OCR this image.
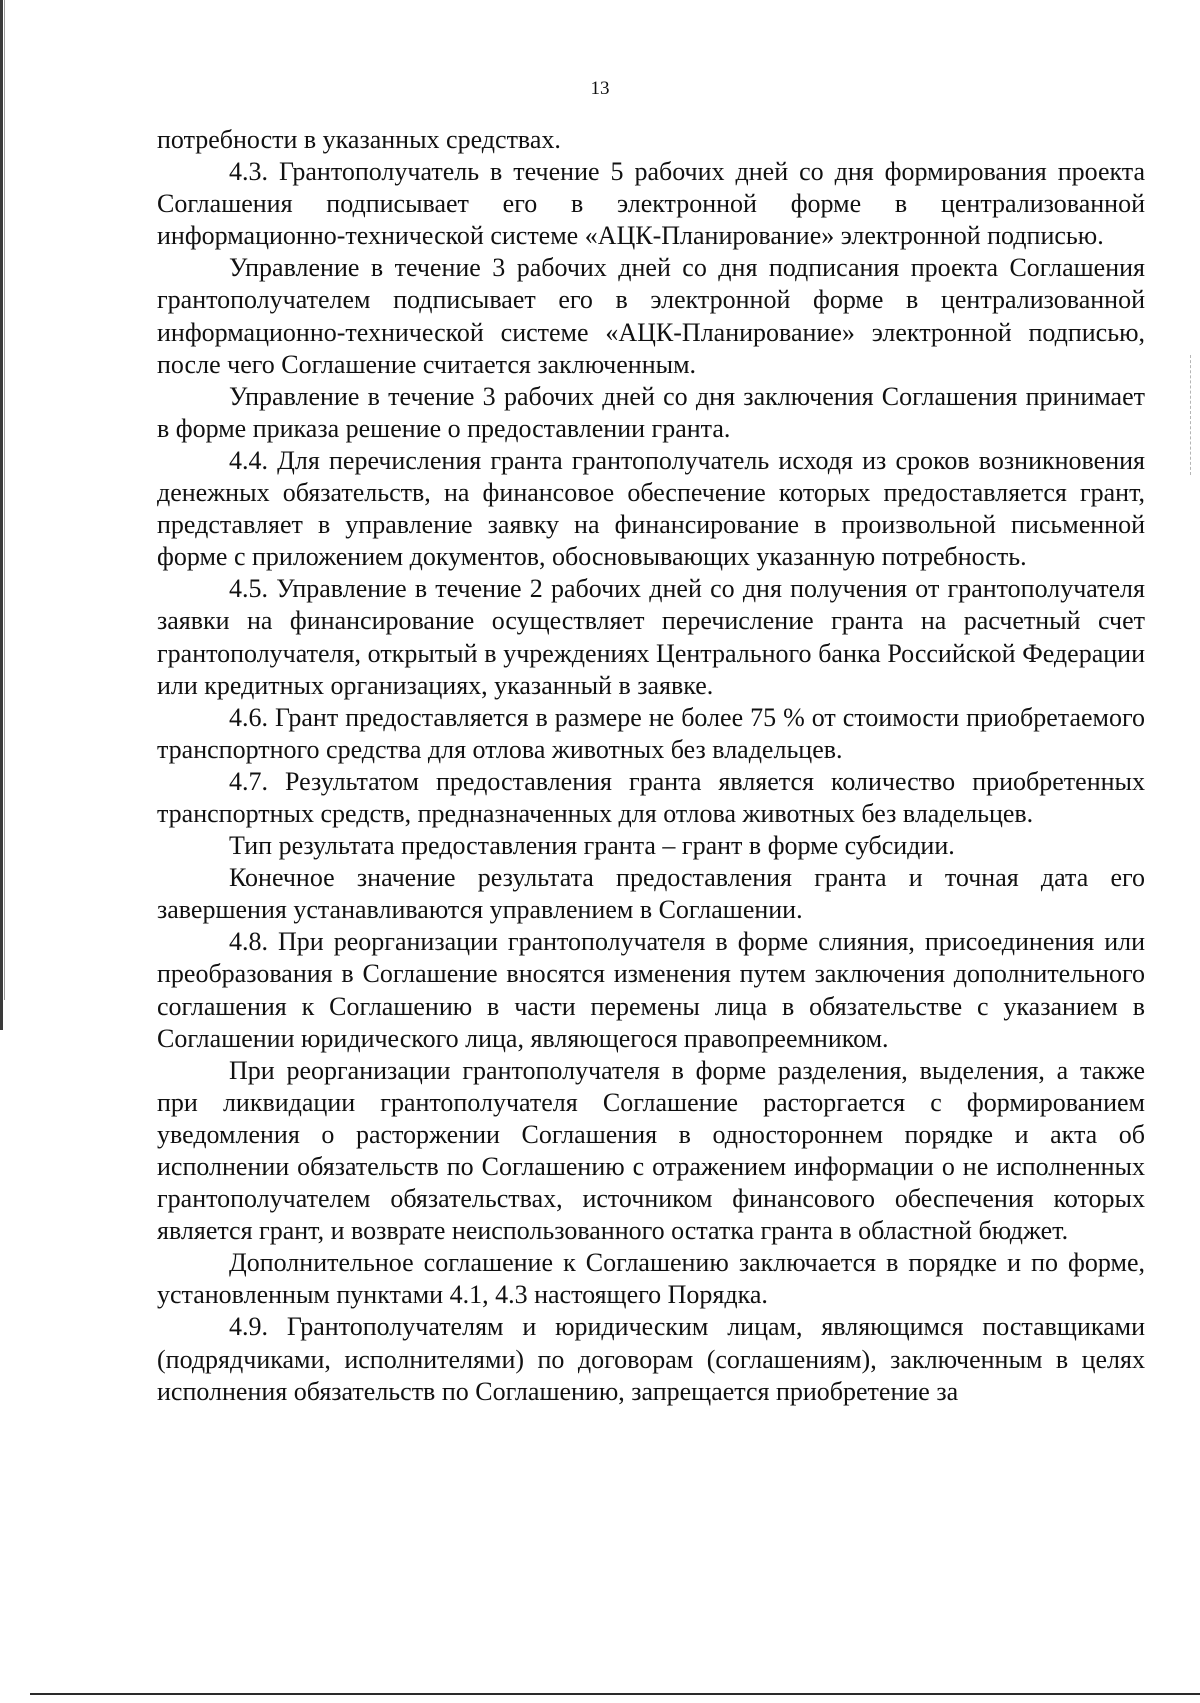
13

потребности в указанных средствах.

4.3. Грантополучатель в течение 5 рабочих дней со дня формирования проекта Соглашения подписывает его в электронной форме в централизованной информационно-технической системе «АЦК-Планирование» электронной подписью.

Управление в течение 3 рабочих дней со дня подписания проекта Соглашения грантополучателем подписывает его в электронной форме в централизованной информационно-технической системе «АЦК-Планирование» электронной подписью, после чего Соглашение считается заключенным.

Управление в течение 3 рабочих дней со дня заключения Соглашения принимает в форме приказа решение о предоставлении гранта.

4.4. Для перечисления гранта грантополучатель исходя из сроков возникновения денежных обязательств, на финансовое обеспечение которых предоставляется грант, представляет в управление заявку на финансирование в произвольной письменной форме с приложением документов, обосновывающих указанную потребность.

4.5. Управление в течение 2 рабочих дней со дня получения от грантополучателя заявки на финансирование осуществляет перечисление гранта на расчетный счет грантополучателя, открытый в учреждениях Центрального банка Российской Федерации или кредитных организациях, указанный в заявке.

4.6. Грант предоставляется в размере не более 75 % от стоимости приобретаемого транспортного средства для отлова животных без владельцев.

4.7. Результатом предоставления гранта является количество приобретенных транспортных средств, предназначенных для отлова животных без владельцев.

Тип результата предоставления гранта – грант в форме субсидии.

Конечное значение результата предоставления гранта и точная дата его завершения устанавливаются управлением в Соглашении.

4.8. При реорганизации грантополучателя в форме слияния, присоединения или преобразования в Соглашение вносятся изменения путем заключения дополнительного соглашения к Соглашению в части перемены лица в обязательстве с указанием в Соглашении юридического лица, являющегося правопреемником.

При реорганизации грантополучателя в форме разделения, выделения, а также при ликвидации грантополучателя Соглашение расторгается с формированием уведомления о расторжении Соглашения в одностороннем порядке и акта об исполнении обязательств по Соглашению с отражением информации о не исполненных грантополучателем обязательствах, источником финансового обеспечения которых является грант, и возврате неиспользованного остатка гранта в областной бюджет.

Дополнительное соглашение к Соглашению заключается в порядке и по форме, установленным пунктами 4.1, 4.3 настоящего Порядка.

4.9. Грантополучателям и юридическим лицам, являющимся поставщиками (подрядчиками, исполнителями) по договорам (соглашениям), заключенным в целях исполнения обязательств по Соглашению, запрещается приобретение за
